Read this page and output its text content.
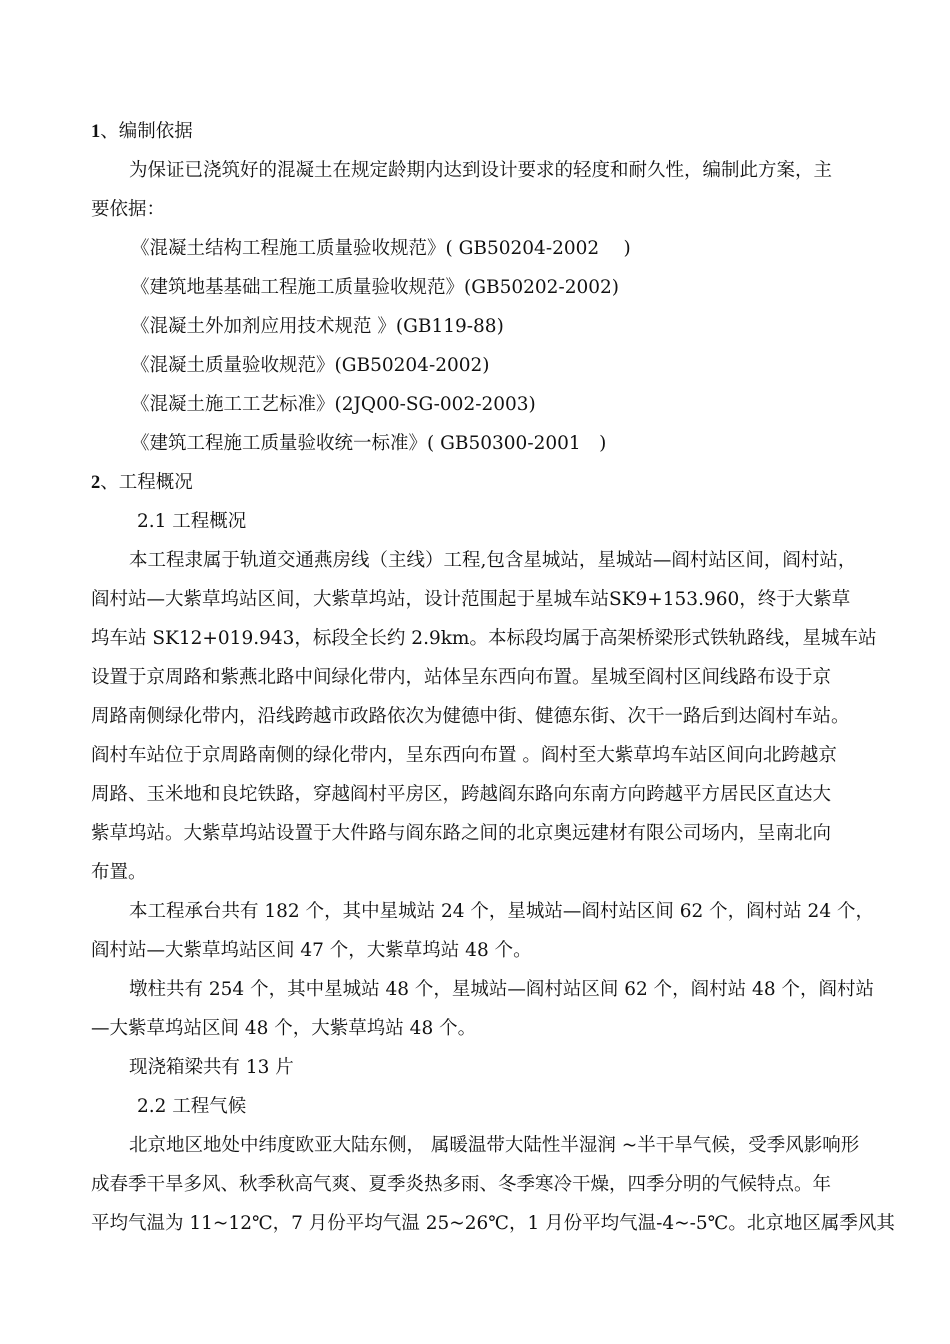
1、编制依据
为保证已浇筑好的混凝土在规定龄期内达到设计要求的轻度和耐久性，编制此方案，主
要依据：
《混凝土结构工程施工质量验收规范》( GB50204-2002　 )
《建筑地基基础工程施工质量验收规范》(GB50202-2002)
《混凝土外加剂应用技术规范 》(GB119-88)
《混凝土质量验收规范》(GB50204-2002)
《混凝土施工工艺标准》(2JQ00-SG-002-2003)
《建筑工程施工质量验收统一标准》( GB50300-2001　)
2、工程概况
2.1 工程概况
本工程隶属于轨道交通燕房线（主线）工程,包含星城站，星城站—阎村站区间，阎村站，
阎村站—大紫草坞站区间，大紫草坞站，设计范围起于星城车站SK9+153.960，终于大紫草
坞车站 SK12+019.943，标段全长约 2.9km。本标段均属于高架桥梁形式铁轨路线，星城车站
设置于京周路和紫燕北路中间绿化带内，站体呈东西向布置。星城至阎村区间线路布设于京
周路南侧绿化带内，沿线跨越市政路依次为健德中街、健德东街、次干一路后到达阎村车站。
阎村车站位于京周路南侧的绿化带内，呈东西向布置 。阎村至大紫草坞车站区间向北跨越京
周路、玉米地和良坨铁路，穿越阎村平房区，跨越阎东路向东南方向跨越平方居民区直达大
紫草坞站。大紫草坞站设置于大件路与阎东路之间的北京奥远建材有限公司场内，呈南北向
布置。
本工程承台共有 182 个，其中星城站 24 个，星城站—阎村站区间 62 个，阎村站 24 个，
阎村站—大紫草坞站区间 47 个，大紫草坞站 48 个。
墩柱共有 254 个，其中星城站 48 个，星城站—阎村站区间 62 个，阎村站 48 个，阎村站
—大紫草坞站区间 48 个，大紫草坞站 48 个。
现浇箱梁共有 13 片
2.2 工程气候
北京地区地处中纬度欧亚大陆东侧， 属暖温带大陆性半湿润 ~半干旱气候，受季风影响形
成春季干旱多风、秋季秋高气爽、夏季炎热多雨、冬季寒冷干燥，四季分明的气候特点。年
平均气温为 11~12℃，7 月份平均气温 25~26℃，1 月份平均气温-4~-5℃。北京地区属季风其
